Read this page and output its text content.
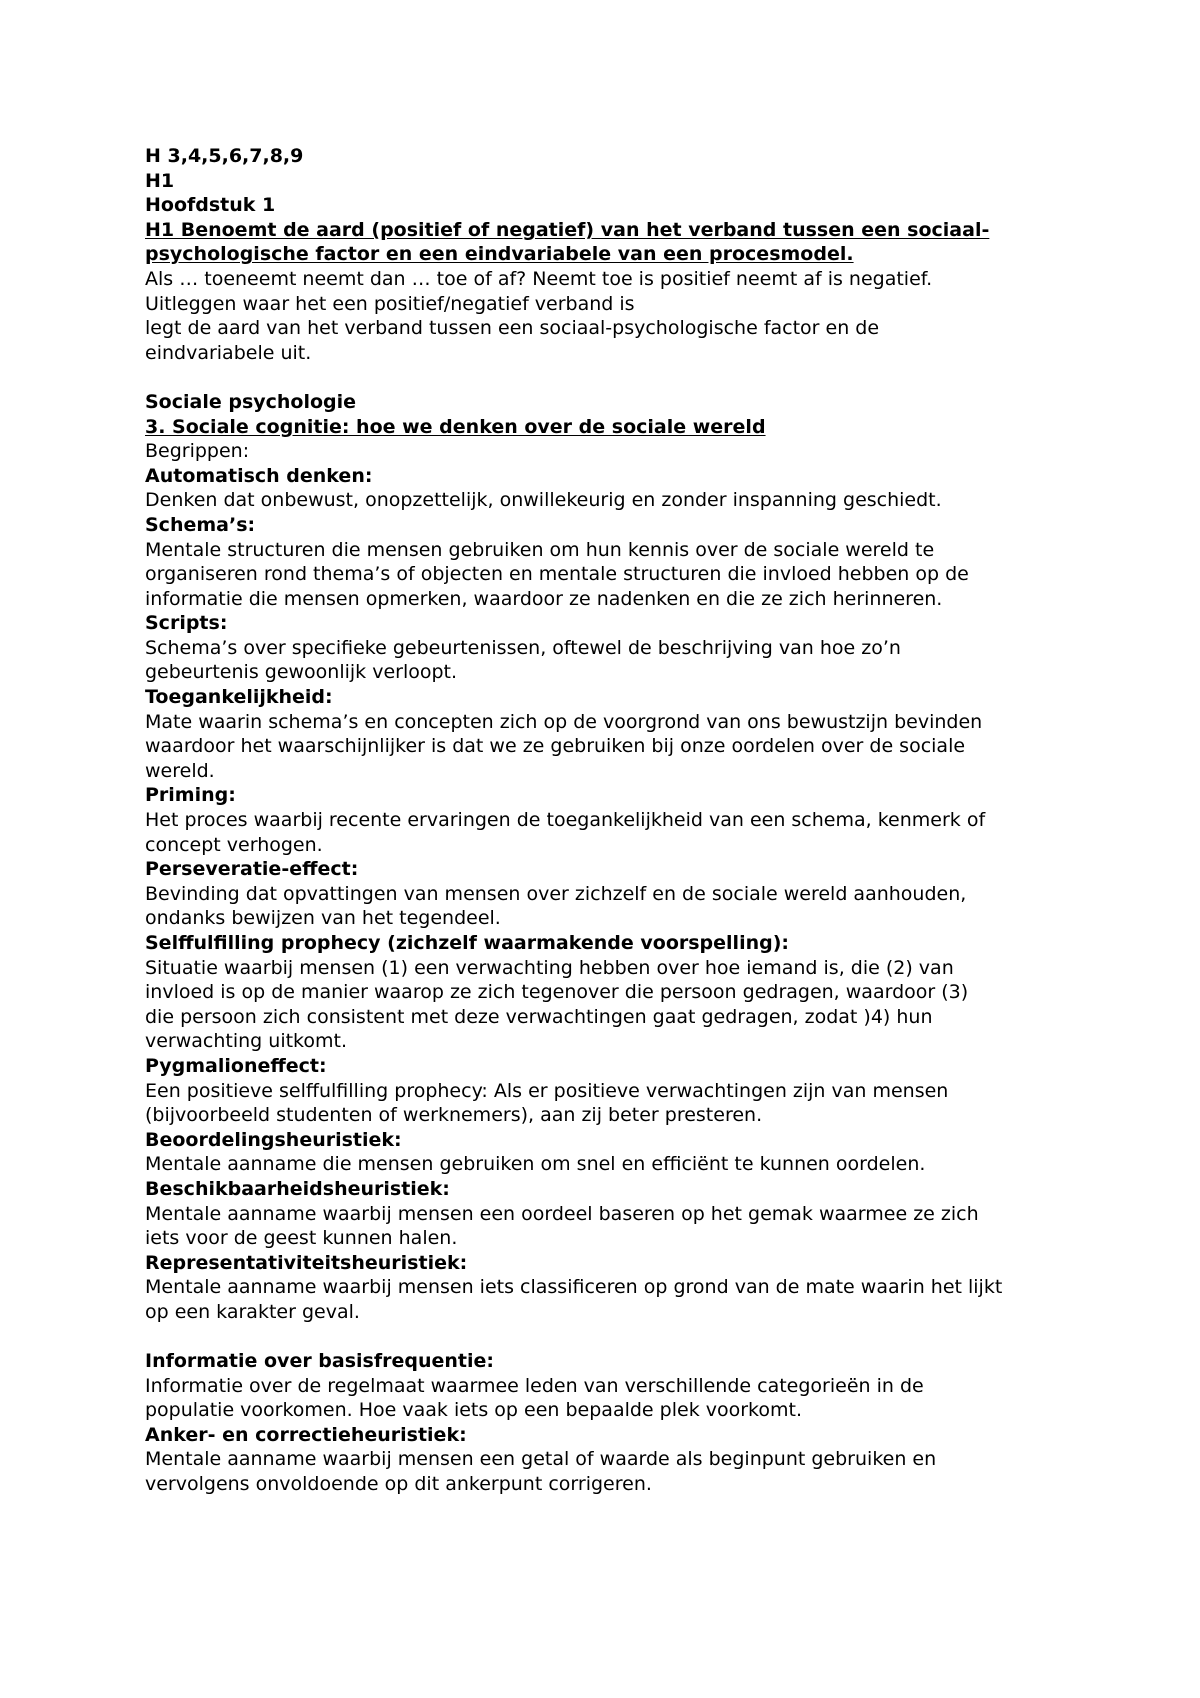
H 3,4,5,6,7,8,9

H1

Hoofdstuk 1

H1 Benoemt de aard (positief of negatief) van het verband tussen een sociaal-

psychologische factor en een eindvariabele van een procesmodel.

Als … toeneemt neemt dan … toe of af? Neemt toe is positief neemt af is negatief.

Uitleggen waar het een positief/negatief verband is

legt de aard van het verband tussen een sociaal-psychologische factor en de

eindvariabele uit.

Sociale psychologie

3. Sociale cognitie: hoe we denken over de sociale wereld

Begrippen:

Automatisch denken:

Denken dat onbewust, onopzettelijk, onwillekeurig en zonder inspanning geschiedt.

Schema’s:

Mentale structuren die mensen gebruiken om hun kennis over de sociale wereld te

organiseren rond thema’s of objecten en mentale structuren die invloed hebben op de

informatie die mensen opmerken, waardoor ze nadenken en die ze zich herinneren.

Scripts:

Schema’s over specifieke gebeurtenissen, oftewel de beschrijving van hoe zo’n

gebeurtenis gewoonlijk verloopt.

Toegankelijkheid:

Mate waarin schema’s en concepten zich op de voorgrond van ons bewustzijn bevinden

waardoor het waarschijnlijker is dat we ze gebruiken bij onze oordelen over de sociale

wereld.

Priming:

Het proces waarbij recente ervaringen de toegankelijkheid van een schema, kenmerk of

concept verhogen.

Perseveratie-effect:

Bevinding dat opvattingen van mensen over zichzelf en de sociale wereld aanhouden,

ondanks bewijzen van het tegendeel.

Selffulfilling prophecy (zichzelf waarmakende voorspelling):

Situatie waarbij mensen (1) een verwachting hebben over hoe iemand is, die (2) van

invloed is op de manier waarop ze zich tegenover die persoon gedragen, waardoor (3)

die persoon zich consistent met deze verwachtingen gaat gedragen, zodat )4) hun

verwachting uitkomt.

Pygmalioneffect:

Een positieve selffulfilling prophecy: Als er positieve verwachtingen zijn van mensen

(bijvoorbeeld studenten of werknemers), aan zij beter presteren.

Beoordelingsheuristiek:

Mentale aanname die mensen gebruiken om snel en efficiënt te kunnen oordelen.

Beschikbaarheidsheuristiek:

Mentale aanname waarbij mensen een oordeel baseren op het gemak waarmee ze zich

iets voor de geest kunnen halen.

Representativiteitsheuristiek:

Mentale aanname waarbij mensen iets classificeren op grond van de mate waarin het lijkt

op een karakter geval.

Informatie over basisfrequentie:

Informatie over de regelmaat waarmee leden van verschillende categorieën in de

populatie voorkomen. Hoe vaak iets op een bepaalde plek voorkomt.

Anker- en correctieheuristiek:

Mentale aanname waarbij mensen een getal of waarde als beginpunt gebruiken en

vervolgens onvoldoende op dit ankerpunt corrigeren.
